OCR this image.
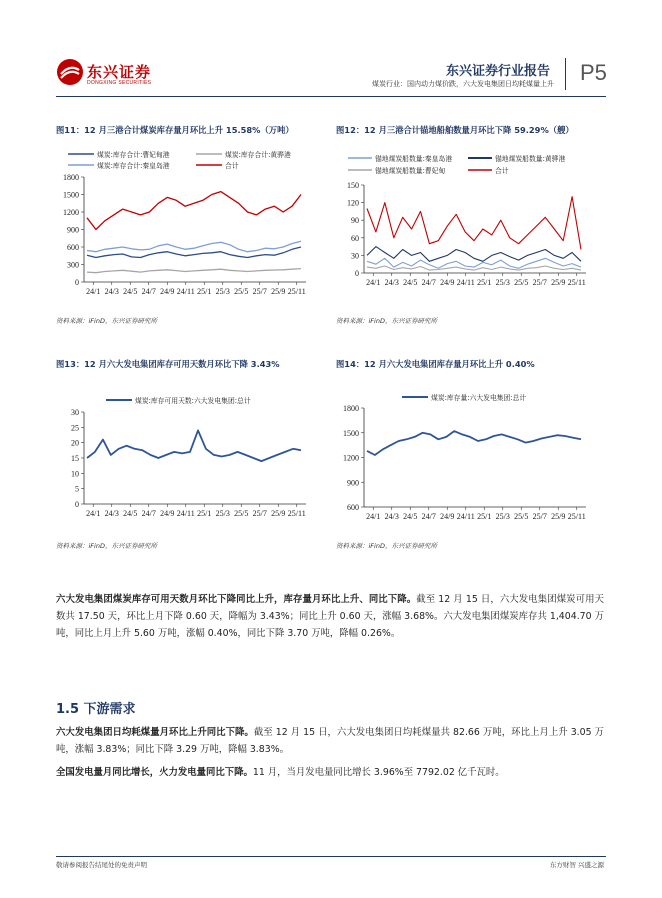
东兴证券
DONGXING SECURITIES
东兴证券行业报告
煤炭行业：国内动力煤价跌，六大发电集团日均耗煤量上升 P5
图11：12 月三港合计煤炭库存量月环比上升 15.58%（万吨）	图12：12 月三港合计锚地船舶数量月环比下降 59.29%（艘）
煤炭:库存合计:曹妃甸港	煤炭:库存合计:黄骅港
煤炭:库存合计:秦皇岛港	合计
0
300
600
900
1200
1500
1800
24/1 24/3 24/5 24/7 24/9 24/11 25/1 25/3 25/5 25/7 25/9 25/11
锚地煤炭船数量:秦皇岛港	锚地煤炭船数量:黄骅港
锚地煤炭船数量:曹妃甸	合计
0
30
60
90
120
150
24/1 24/3 24/5 24/7 24/9 24/11 25/1 25/3 25/5 25/7 25/9 25/11
资料来源：iFinD，东兴证券研究所	资料来源：iFinD，东兴证券研究所
图13：12 月六大发电集团库存可用天数月环比下降 3.43%	图14：12 月六大发电集团库存量月环比上升 0.40%
煤炭:库存可用天数:六大发电集团:总计
0
5
10
15
20
25
30
24/1 24/3 24/5 24/7 24/9 24/11 25/1 25/3 25/5 25/7 25/9 25/11
煤炭:库存量:六大发电集团:总计
600
900
1200
1500
1800
24/1 24/3 24/5 24/7 24/9 24/11 25/1 25/3 25/5 25/7 25/9 25/11
资料来源：iFinD，东兴证券研究所	资料来源：iFinD，东兴证券研究所
六大发电集团煤炭库存可用天数月环比下降同比上升，库存量月环比上升、同比下降。截至 12 月 15 日，六大发电集团煤炭可用天数共 17.50 天，环比上月下降 0.60 天，降幅为 3.43%；同比上升 0.60 天，涨幅 3.68%。六大发电集团煤炭库存共 1,404.70 万吨，同比上月上升 5.60 万吨，涨幅 0.40%，同比下降 3.70 万吨，降幅 0.26%。
1.5 下游需求
六大发电集团日均耗煤量月环比上升同比下降。截至 12 月 15 日，六大发电集团日均耗煤量共 82.66 万吨，环比上月上升 3.05 万吨，涨幅 3.83%；同比下降 3.29 万吨，降幅 3.83%。
全国发电量月同比增长，火力发电量同比下降。11 月，当月发电量同比增长 3.96%至 7792.02 亿千瓦时。
敬请参阅报告结尾处的免责声明	东方财智 兴盛之源
